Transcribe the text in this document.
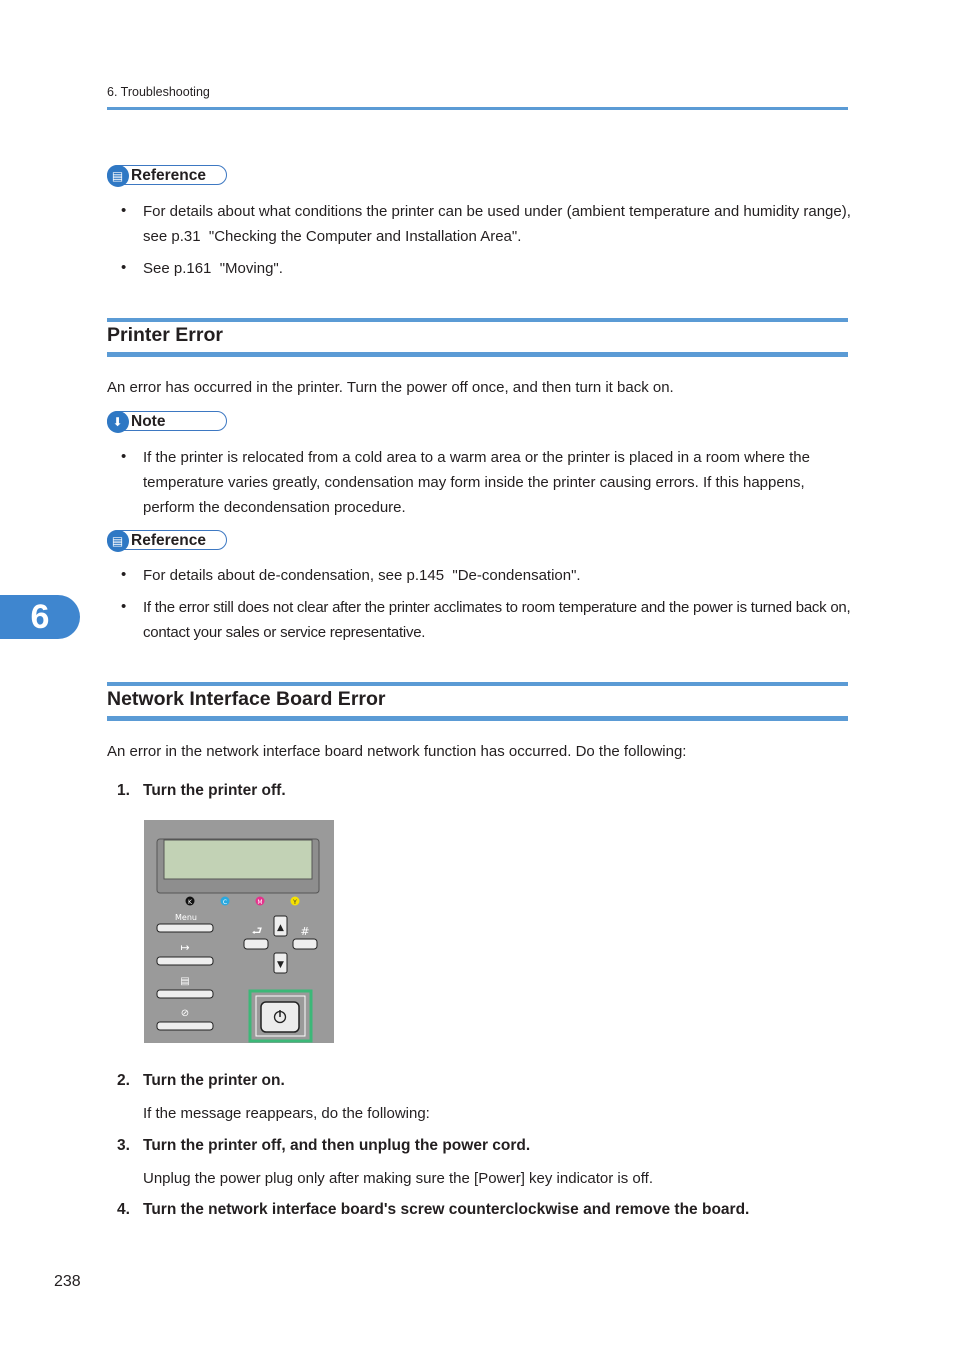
6. Troubleshooting
▤ Reference
• For details about what conditions the printer can be used under (ambient temperature and humidity range), see p.31  "Checking the Computer and Installation Area".
• See p.161  "Moving".
Printer Error
An error has occurred in the printer. Turn the power off once, and then turn it back on.
⬇ Note
• If the printer is relocated from a cold area to a warm area or the printer is placed in a room where the temperature varies greatly, condensation may form inside the printer causing errors. If this happens, perform the decondensation procedure.
▤ Reference
• For details about de-condensation, see p.145  "De-condensation".
• If the error still does not clear after the printer acclimates to room temperature and the power is turned back on, contact your sales or service representative.
6
Network Interface Board Error
An error in the network interface board network function has occurred. Do the following:
1. Turn the printer off.
K	C	M	Y
Menu
↦
▤
⊘
⮐ ▲ #
▼
2. Turn the printer on.
If the message reappears, do the following:
3. Turn the printer off, and then unplug the power cord.
Unplug the power plug only after making sure the [Power] key indicator is off.
4. Turn the network interface board's screw counterclockwise and remove the board.
238
